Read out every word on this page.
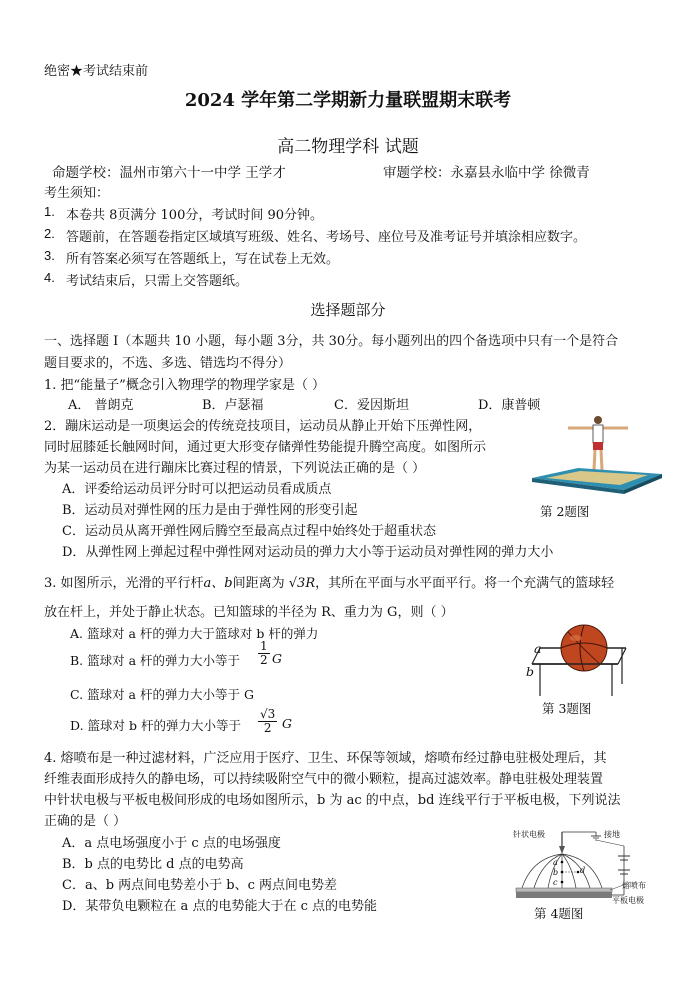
绝密★考试结束前
2024 学年第二学期新力量联盟期末联考
高二物理学科 试题
命题学校：温州市第六十一中学 王学才	审题学校：永嘉县永临中学 徐微青
考生须知：
1. 本卷共 8页满分 100分，考试时间 90分钟。
2. 答题前，在答题卷指定区域填写班级、姓名、考场号、座位号及准考证号并填涂相应数字。
3. 所有答案必须写在答题纸上，写在试卷上无效。
4. 考试结束后，只需上交答题纸。
选择题部分
一、选择题 Ⅰ（本题共 10 小题，每小题 3分，共 30分。每小题列出的四个备选项中只有一个是符合
题目要求的，不选、多选、错选均不得分）
1. 把“能量子”概念引入物理学的物理学家是（ ）
A． 普朗克	B．卢瑟福	C．爱因斯坦	D．康普顿
2．蹦床运动是一项奥运会的传统竞技项目，运动员从静止开始下压弹性网，
同时屈膝延长触网时间，通过更大形变存储弹性势能提升腾空高度。如图所示
为某一运动员在进行蹦床比赛过程的情景，下列说法正确的是（ ）
A．评委给运动员评分时可以把运动员看成质点
B．运动员对弹性网的压力是由于弹性网的形变引起
C．运动员从离开弹性网后腾空至最高点过程中始终处于超重状态
D．从弹性网上弹起过程中弹性网对运动员的弹力大小等于运动员对弹性网的弹力大小
第 2题图
3. 如图所示，光滑的平行杆a、b间距离为 √3R，其所在平面与水平面平行。将一个充满气的篮球轻
放在杆上，并处于静止状态。已知篮球的半径为 R、重力为 G，则（ ）
A. 篮球对 a 杆的弹力大于篮球对 b 杆的弹力
B. 篮球对 a 杆的弹力大小等于 $\frac{1}{2}$ G
C. 篮球对 a 杆的弹力大小等于 G
D. 篮球对 b 杆的弹力大小等于 $\frac{√3}{2}$ G
a
b
第 3题图
4. 熔喷布是一种过滤材料，广泛应用于医疗、卫生、环保等领域，熔喷布经过静电驻极处理后，其
纤维表面形成持久的静电场，可以持续吸附空气中的微小颗粒，提高过滤效率。静电驻极处理装置
中针状电极与平板电极间形成的电场如图所示，b 为 ac 的中点，bd 连线平行于平板电极，下列说法
正确的是（ ）
A．a 点电场强度小于 c 点的电场强度
B．b 点的电势比 d 点的电势高
C．a、b 两点间电势差小于 b、c 两点间电势差
D．某带负电颗粒在 a 点的电势能大于在 c 点的电势能
针状电极	接地
熔喷布
平板电极
a
b
c
d
第 4题图
